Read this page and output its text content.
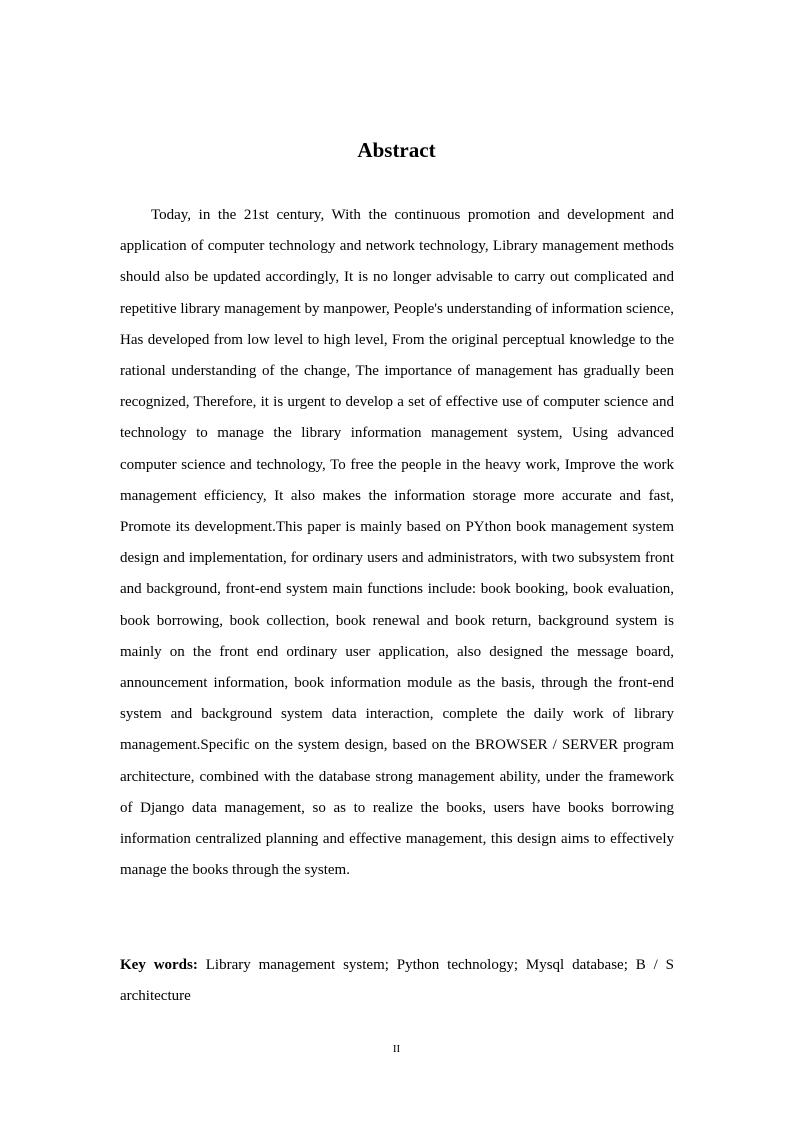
Abstract

Today, in the 21st century, With the continuous promotion and development and application of computer technology and network technology, Library management methods should also be updated accordingly, It is no longer advisable to carry out complicated and repetitive library management by manpower, People's understanding of information science, Has developed from low level to high level, From the original perceptual knowledge to the rational understanding of the change, The importance of management has gradually been recognized, Therefore, it is urgent to develop a set of effective use of computer science and technology to manage the library information management system, Using advanced computer science and technology, To free the people in the heavy work, Improve the work management efficiency, It also makes the information storage more accurate and fast, Promote its development.This paper is mainly based on PYthon book management system design and implementation, for ordinary users and administrators, with two subsystem front and background, front-end system main functions include: book booking, book evaluation, book borrowing, book collection, book renewal and book return, background system is mainly on the front end ordinary user application, also designed the message board, announcement information, book information module as the basis, through the front-end system and background system data interaction, complete the daily work of library management.Specific on the system design, based on the BROWSER / SERVER program architecture, combined with the database strong management ability, under the framework of Django data management, so as to realize the books, users have books borrowing information centralized planning and effective management, this design aims to effectively manage the books through the system.

Key words: Library management system; Python technology; Mysql database; B / S architecture

II
